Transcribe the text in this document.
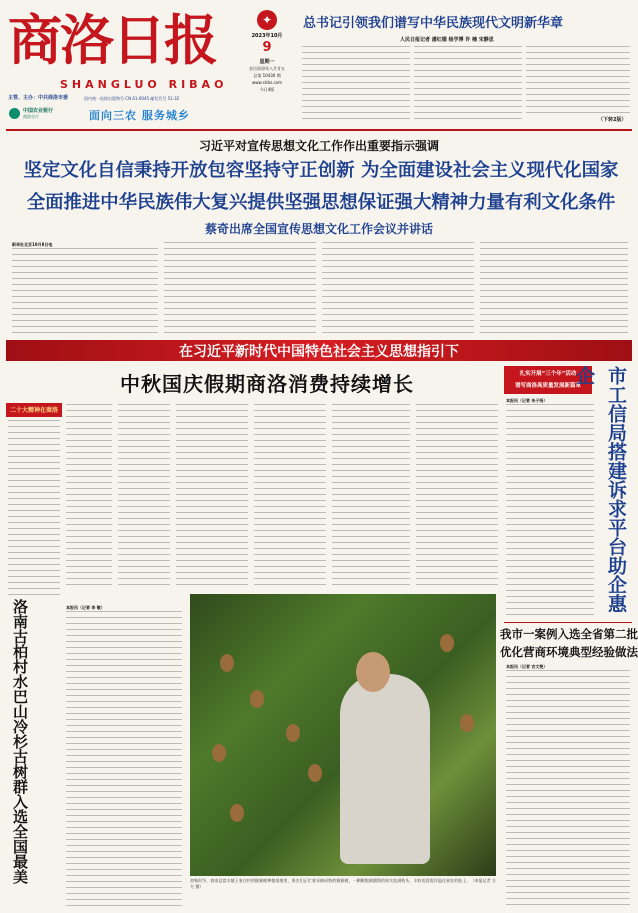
商洛日报
SHANGLUO RIBAO
主管、主办：中共商洛市委	国内统一连续出版物号 CN 61-0045 邮发代号 51-32
中国农业银行
商洛分行	面向三农 服务城乡
✦
2023年10月
9
星期一
农历癸卯年八月廿五
总第 10430 期
www.slrbs.com
今日4版
总书记引领我们谱写中华民族现代文明新华章
人民日报记者 潘红德 杨学博 许 楠 宋静思
（下转2版）
习近平对宣传思想文化工作作出重要指示强调
坚定文化自信秉持开放包容坚持守正创新 为全面建设社会主义现代化国家
全面推进中华民族伟大复兴提供坚强思想保证强大精神力量有利文化条件
蔡奇出席全国宣传思想文化工作会议并讲话
新华社北京10月8日电
在习近平新时代中国特色社会主义思想指引下
中秋国庆假期商洛消费持续增长
二十大精神在商洛
洛南古柏村水巴山冷杉古树群入选全国最美	本报讯（记者 李 敏）
初秋时节，商南县富水镇王家庄村的猕猴桃种植基地里，果农们正忙着采摘成熟的猕猴桃，一颗颗饱满圆润的果实挂满枝头，丰收的喜悦洋溢在果农的脸上。（本报记者 方 方 摄）
扎实开展“三个年”活动
谱写商洛高质量发展新篇章	市工信局搭建诉求平台助企惠企
本报讯（记者 朱子扬）
我市一案例入选全省第二批
优化营商环境典型经验做法
本报讯（记者 吉文艳）
